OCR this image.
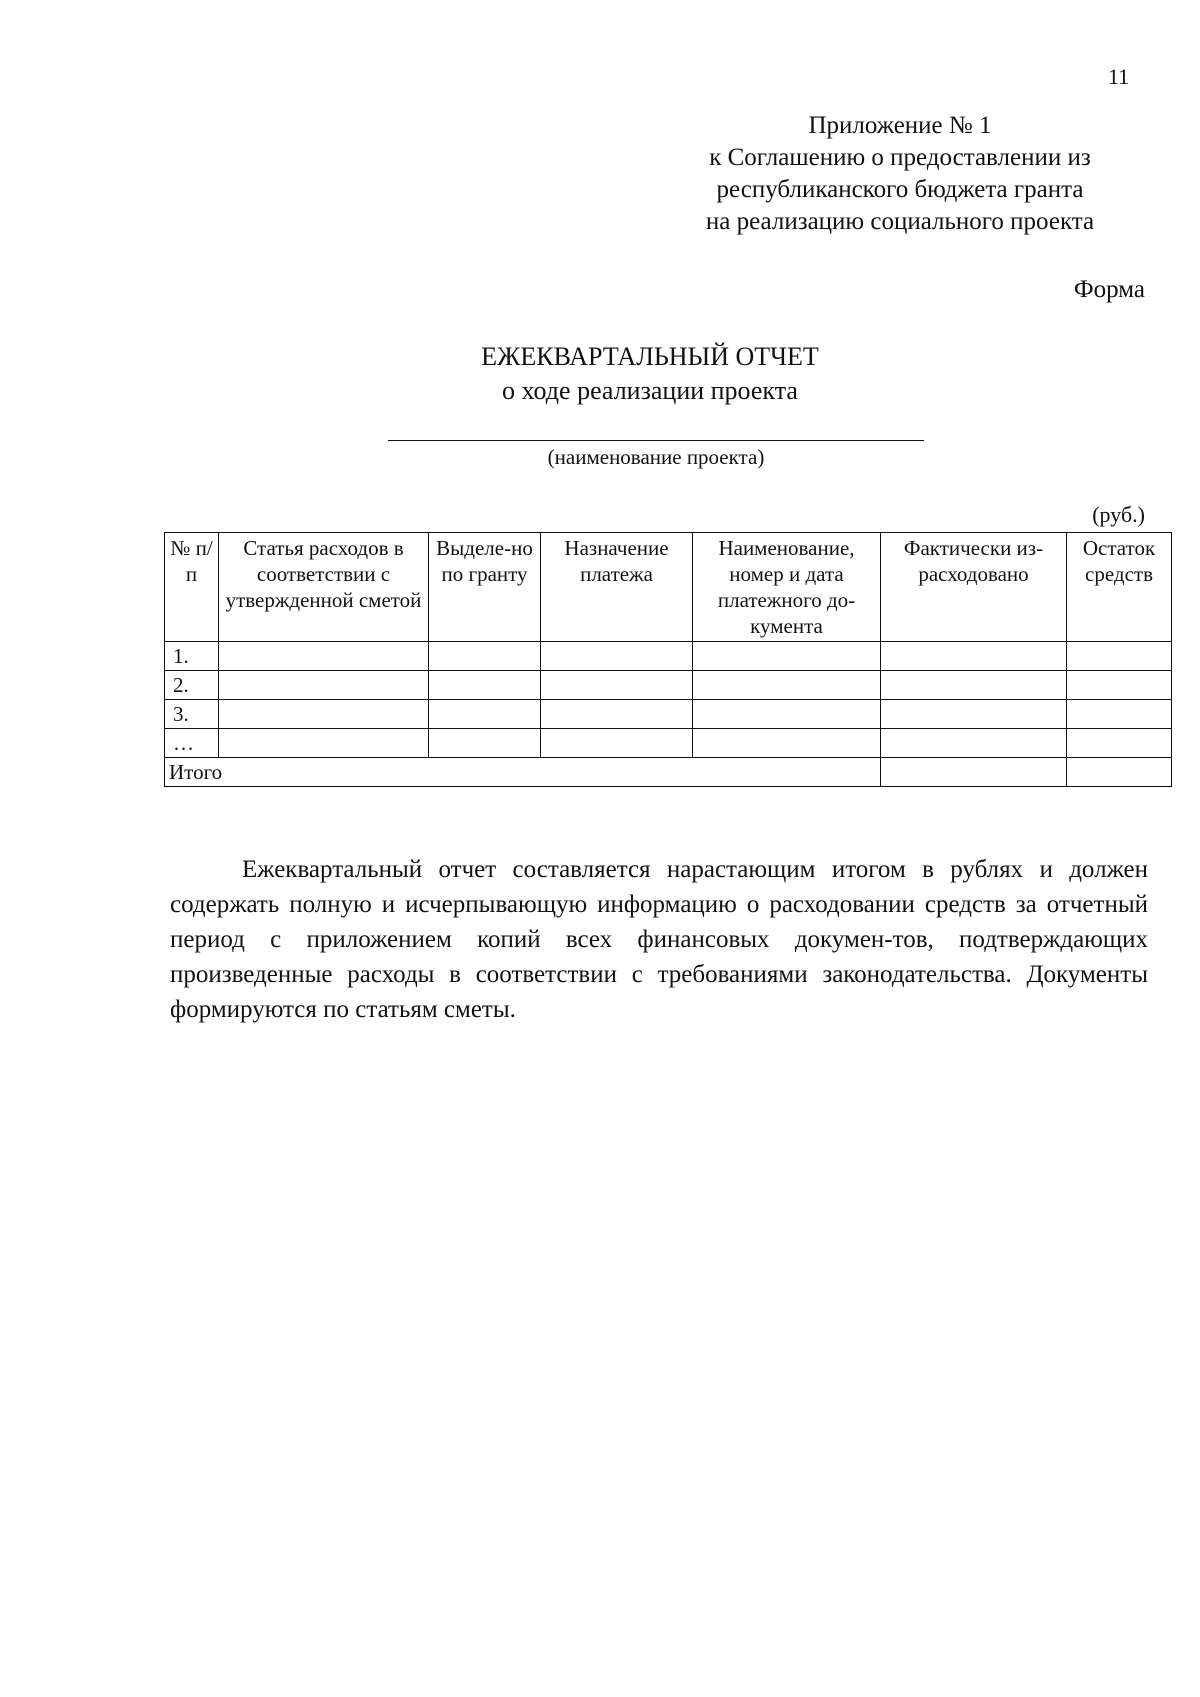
11
Приложение № 1
к Соглашению о предоставлении из
республиканского бюджета гранта
на реализацию социального проекта
Форма
ЕЖЕКВАРТАЛЬНЫЙ ОТЧЕТ
о ходе реализации проекта
(наименование проекта)
(руб.)
№ п/п	Статья расходов в соответствии с утвержденной сметой	Выделе-но по гранту	Назначение платежа	Наименование, номер и дата платежного до-кумента	Фактически из-расходовано	Остаток средств
1.						
2.						
3.						
…						
Итого						

Ежеквартальный отчет составляется нарастающим итогом в рублях и должен содержать полную и исчерпывающую информацию о расходовании средств за отчетный период с приложением копий всех финансовых докумен-тов, подтверждающих произведенные расходы в соответствии с требованиями законодательства. Документы формируются по статьям сметы.
